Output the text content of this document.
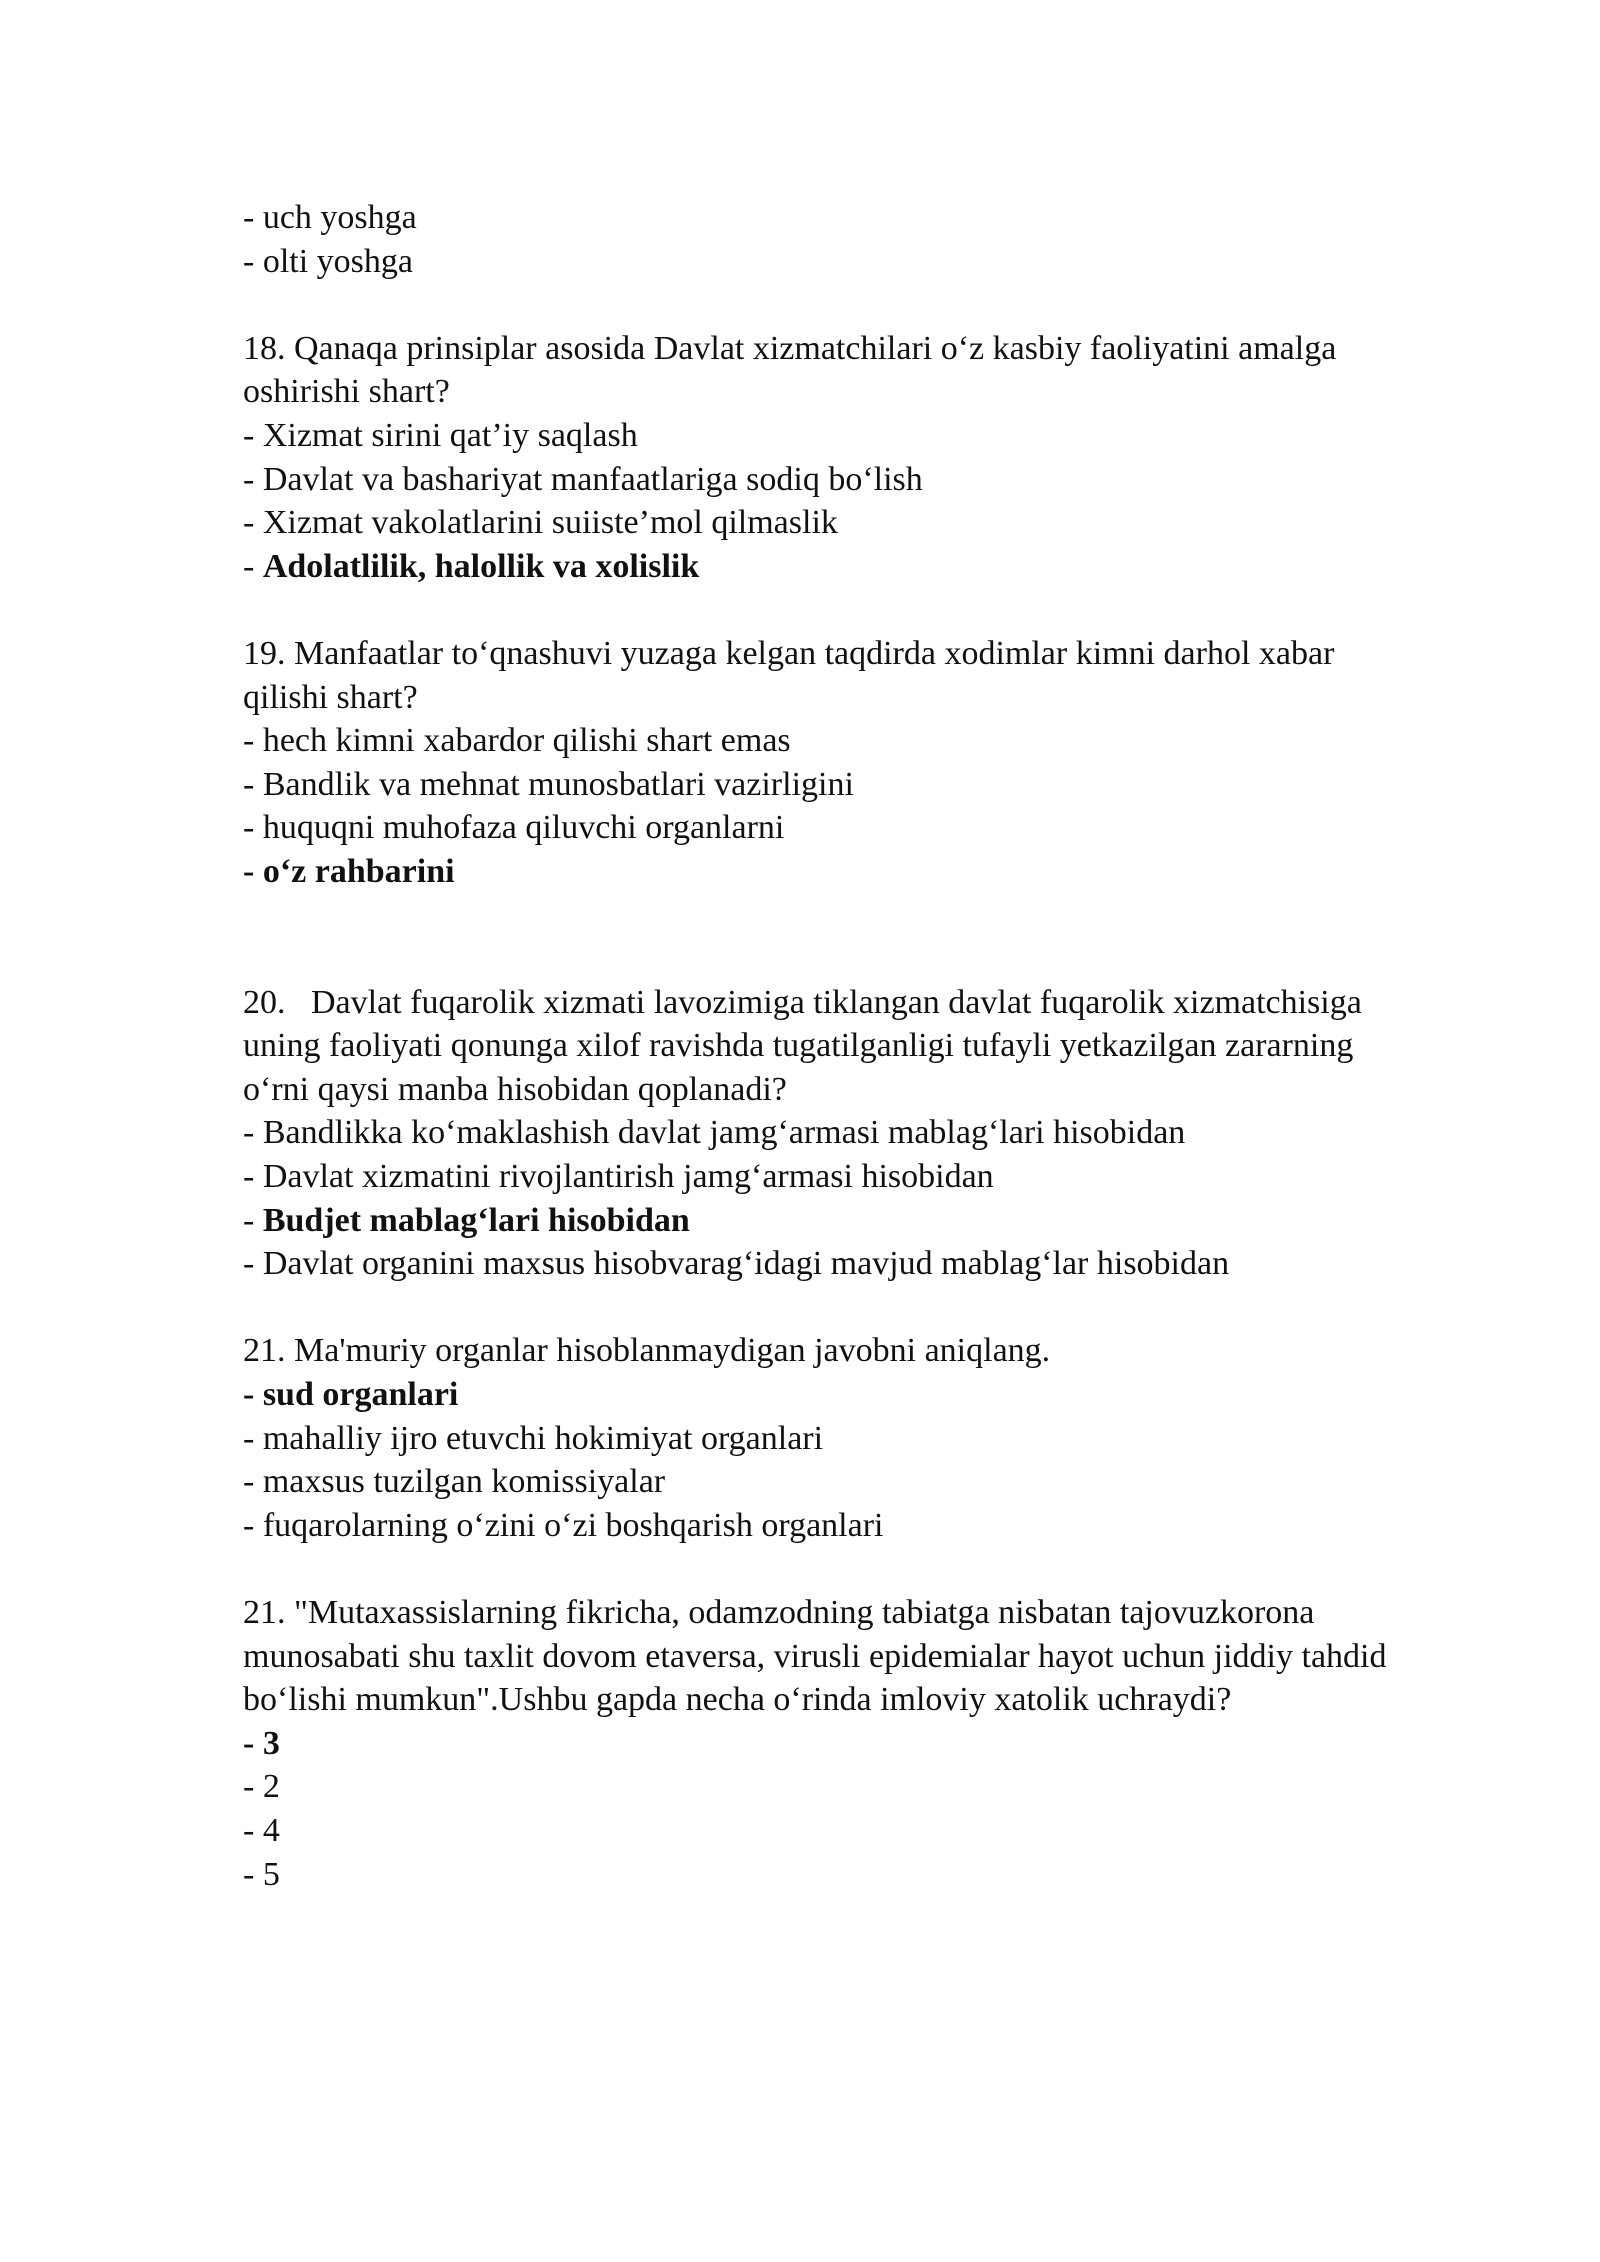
- uch yoshga
- olti yoshga

18. Qanaqa prinsiplar asosida Davlat xizmatchilari o‘z kasbiy faoliyatini amalga oshirishi shart?

- Xizmat sirini qat’iy saqlash
- Davlat va bashariyat manfaatlariga sodiq bo‘lish
- Xizmat vakolatlarini suiiste’mol qilmaslik
- Adolatlilik, halollik va xolislik

19. Manfaatlar to‘qnashuvi yuzaga kelgan taqdirda xodimlar kimni darhol xabar qilishi shart?

- hech kimni xabardor qilishi shart emas
- Bandlik va mehnat munosbatlari vazirligini
- huquqni muhofaza qiluvchi organlarni
- o‘z rahbarini

20. Davlat fuqarolik xizmati lavozimiga tiklangan davlat fuqarolik xizmatchisiga uning faoliyati qonunga xilof ravishda tugatilganligi tufayli yetkazilgan zararning o‘rni qaysi manba hisobidan qoplanadi?

- Bandlikka ko‘maklashish davlat jamg‘armasi mablag‘lari hisobidan
- Davlat xizmatini rivojlantirish jamg‘armasi hisobidan
- Budjet mablag‘lari hisobidan
- Davlat organini maxsus hisobvarag‘idagi mavjud mablag‘lar hisobidan

21. Ma'muriy organlar hisoblanmaydigan javobni aniqlang.

- sud organlari
- mahalliy ijro etuvchi hokimiyat organlari
- maxsus tuzilgan komissiyalar
- fuqarolarning o‘zini o‘zi boshqarish organlari

21. "Mutaxassislarning fikricha, odamzodning tabiatga nisbatan tajovuzkorona munosabati shu taxlit dovom etaversa, virusli epidemialar hayot uchun jiddiy tahdid bo‘lishi mumkun".Ushbu gapda necha o‘rinda imloviy xatolik uchraydi?

- 3
- 2
- 4
- 5
